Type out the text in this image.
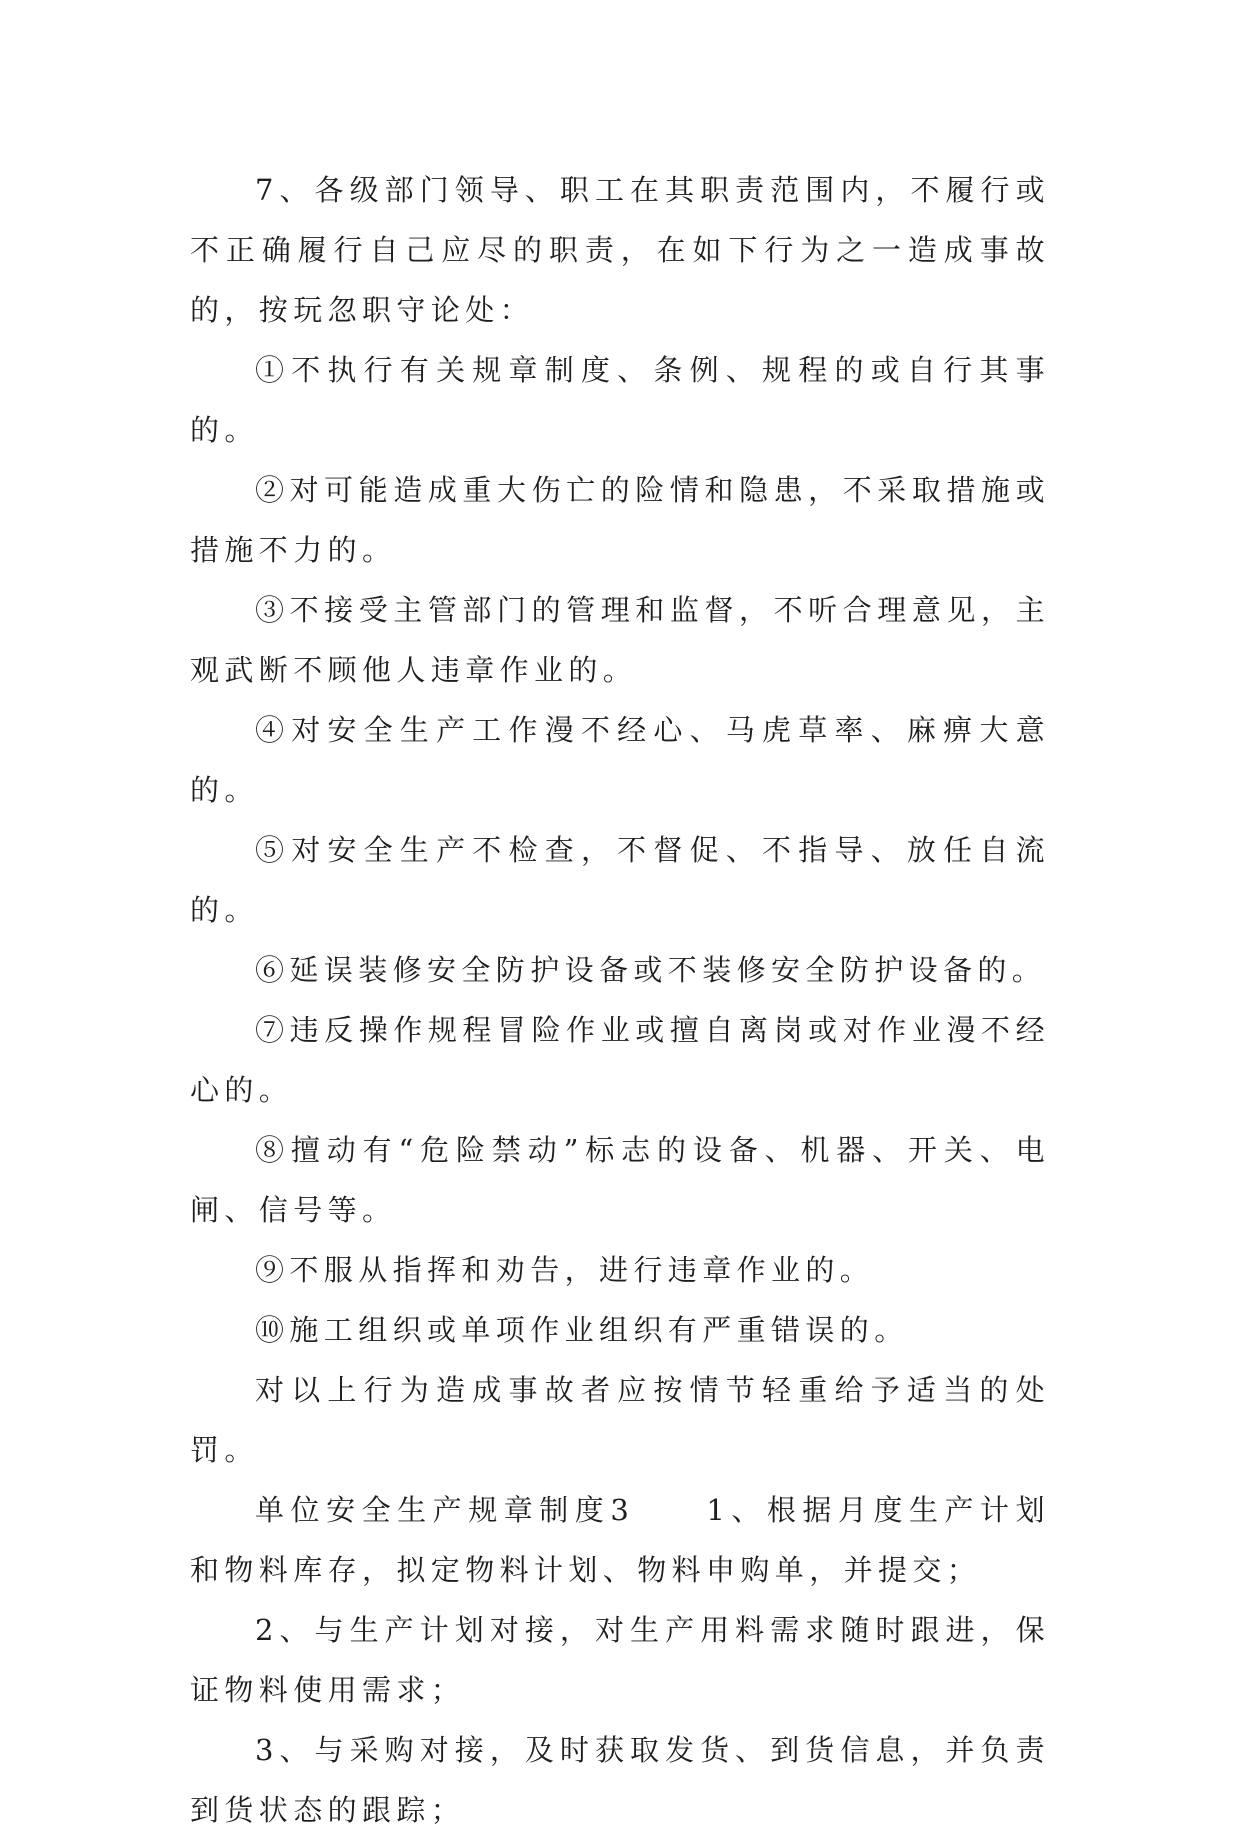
7、各级部门领导、职工在其职责范围内，不履行或不正确履行自己应尽的职责，在如下行为之一造成事故的，按玩忽职守论处：

①不执行有关规章制度、条例、规程的或自行其事的。

②对可能造成重大伤亡的险情和隐患，不采取措施或措施不力的。

③不接受主管部门的管理和监督，不听合理意见，主观武断不顾他人违章作业的。

④对安全生产工作漫不经心、马虎草率、麻痹大意的。

⑤对安全生产不检查，不督促、不指导、放任自流的。

⑥延误装修安全防护设备或不装修安全防护设备的。

⑦违反操作规程冒险作业或擅自离岗或对作业漫不经心的。

⑧擅动有“危险禁动”标志的设备、机器、开关、电闸、信号等。

⑨不服从指挥和劝告，进行违章作业的。

⑩施工组织或单项作业组织有严重错误的。

对以上行为造成事故者应按情节轻重给予适当的处罚。

单位安全生产规章制度3　　1、根据月度生产计划和物料库存，拟定物料计划、物料申购单，并提交；

2、与生产计划对接，对生产用料需求随时跟进，保证物料使用需求；

3、与采购对接，及时获取发货、到货信息，并负责到货状态的跟踪；
